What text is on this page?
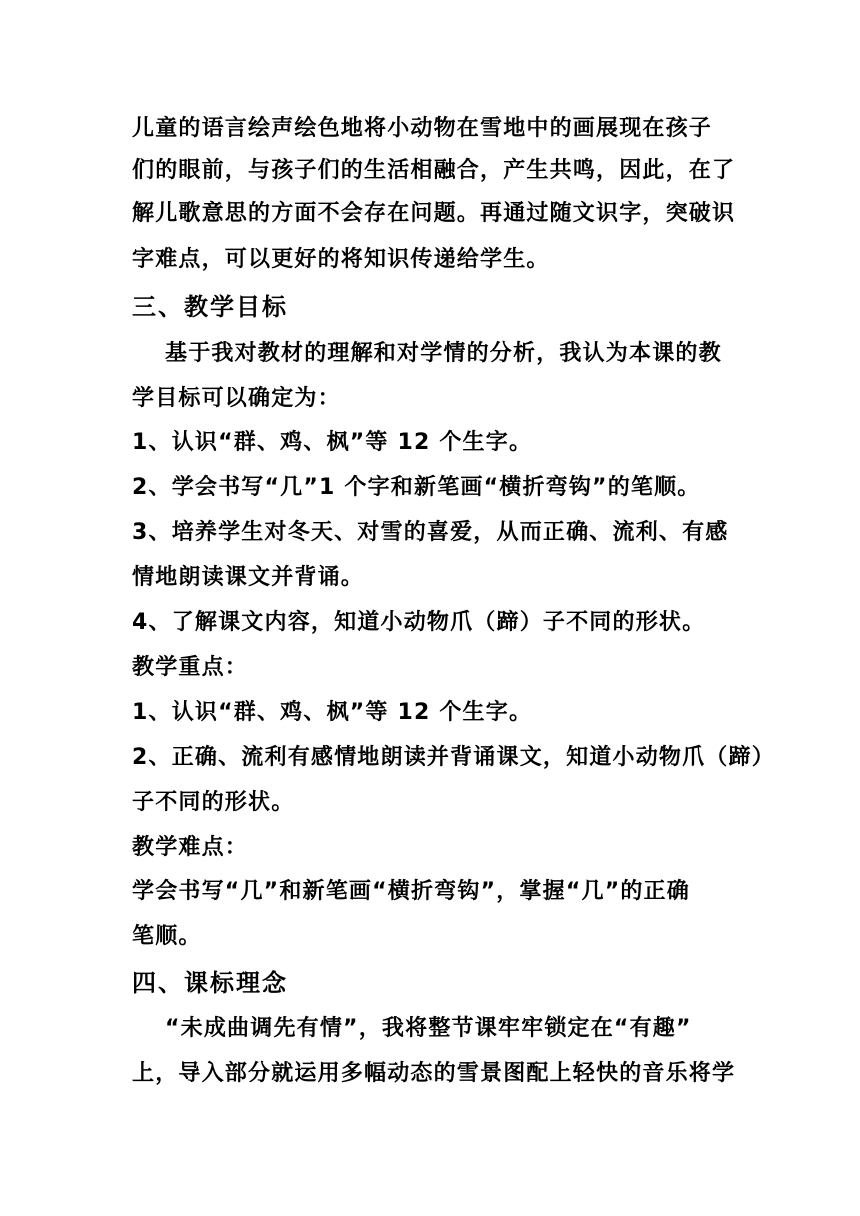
儿童的语言绘声绘色地将小动物在雪地中的画展现在孩子
们的眼前，与孩子们的生活相融合，产生共鸣，因此，在了
解儿歌意思的方面不会存在问题。再通过随文识字，突破识
字难点，可以更好的将知识传递给学生。
三、教学目标
基于我对教材的理解和对学情的分析，我认为本课的教
学目标可以确定为：
1、认识“群、鸡、枫”等 12 个生字。
2、学会书写“几”1 个字和新笔画“横折弯钩”的笔顺。
3、培养学生对冬天、对雪的喜爱，从而正确、流利、有感
情地朗读课文并背诵。
4、了解课文内容，知道小动物爪（蹄）子不同的形状。
教学重点：
1、认识“群、鸡、枫”等 12 个生字。
2、正确、流利有感情地朗读并背诵课文，知道小动物爪（蹄）
子不同的形状。
教学难点：
学会书写“几”和新笔画“横折弯钩”，掌握“几”的正确
笔顺。
四、课标理念
“未成曲调先有情”，我将整节课牢牢锁定在“有趣”
上，导入部分就运用多幅动态的雪景图配上轻快的音乐将学
